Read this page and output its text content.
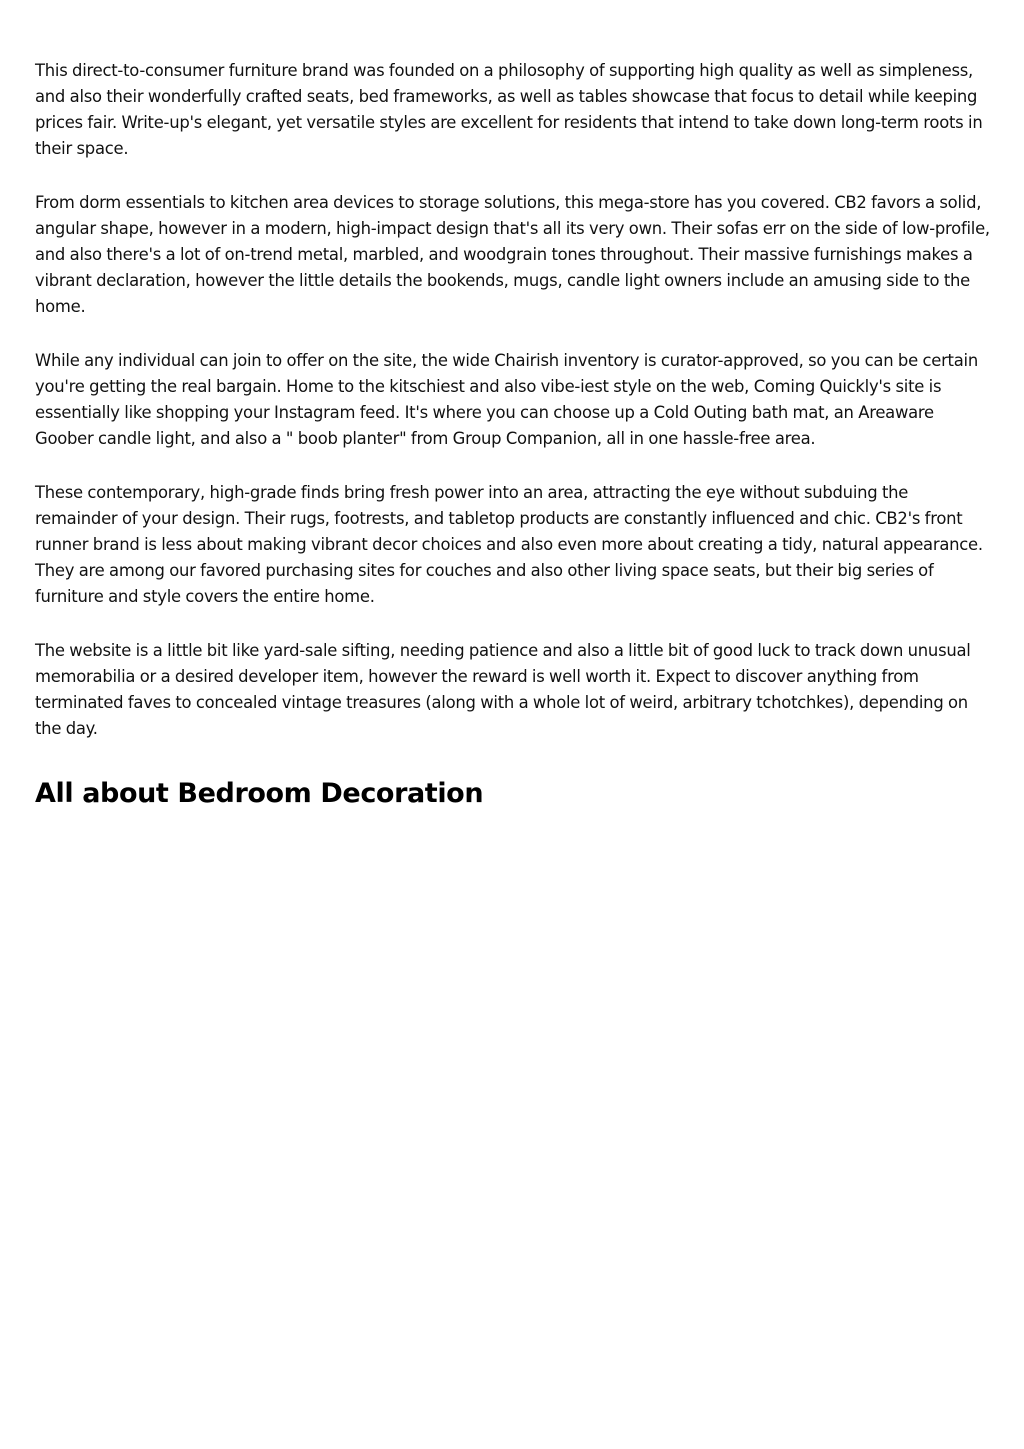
This direct-to-consumer furniture brand was founded on a philosophy of supporting high quality as well as simpleness, and also their wonderfully crafted seats, bed frameworks, as well as tables showcase that focus to detail while keeping prices fair. Write-up's elegant, yet versatile styles are excellent for residents that intend to take down long-term roots in their space.

From dorm essentials to kitchen area devices to storage solutions, this mega-store has you covered. CB2 favors a solid, angular shape, however in a modern, high-impact design that's all its very own. Their sofas err on the side of low-profile, and also there's a lot of on-trend metal, marbled, and woodgrain tones throughout. Their massive furnishings makes a vibrant declaration, however the little details the bookends, mugs, candle light owners include an amusing side to the home.

While any individual can join to offer on the site, the wide Chairish inventory is curator-approved, so you can be certain you're getting the real bargain. Home to the kitschiest and also vibe-iest style on the web, Coming Quickly's site is essentially like shopping your Instagram feed. It's where you can choose up a Cold Outing bath mat, an Areaware Goober candle light, and also a " boob planter" from Group Companion, all in one hassle-free area.

These contemporary, high-grade finds bring fresh power into an area, attracting the eye without subduing the remainder of your design. Their rugs, footrests, and tabletop products are constantly influenced and chic. CB2's front runner brand is less about making vibrant decor choices and also even more about creating a tidy, natural appearance. They are among our favored purchasing sites for couches and also other living space seats, but their big series of furniture and style covers the entire home.

The website is a little bit like yard-sale sifting, needing patience and also a little bit of good luck to track down unusual memorabilia or a desired developer item, however the reward is well worth it. Expect to discover anything from terminated faves to concealed vintage treasures (along with a whole lot of weird, arbitrary tchotchkes), depending on the day.

All about Bedroom Decoration
